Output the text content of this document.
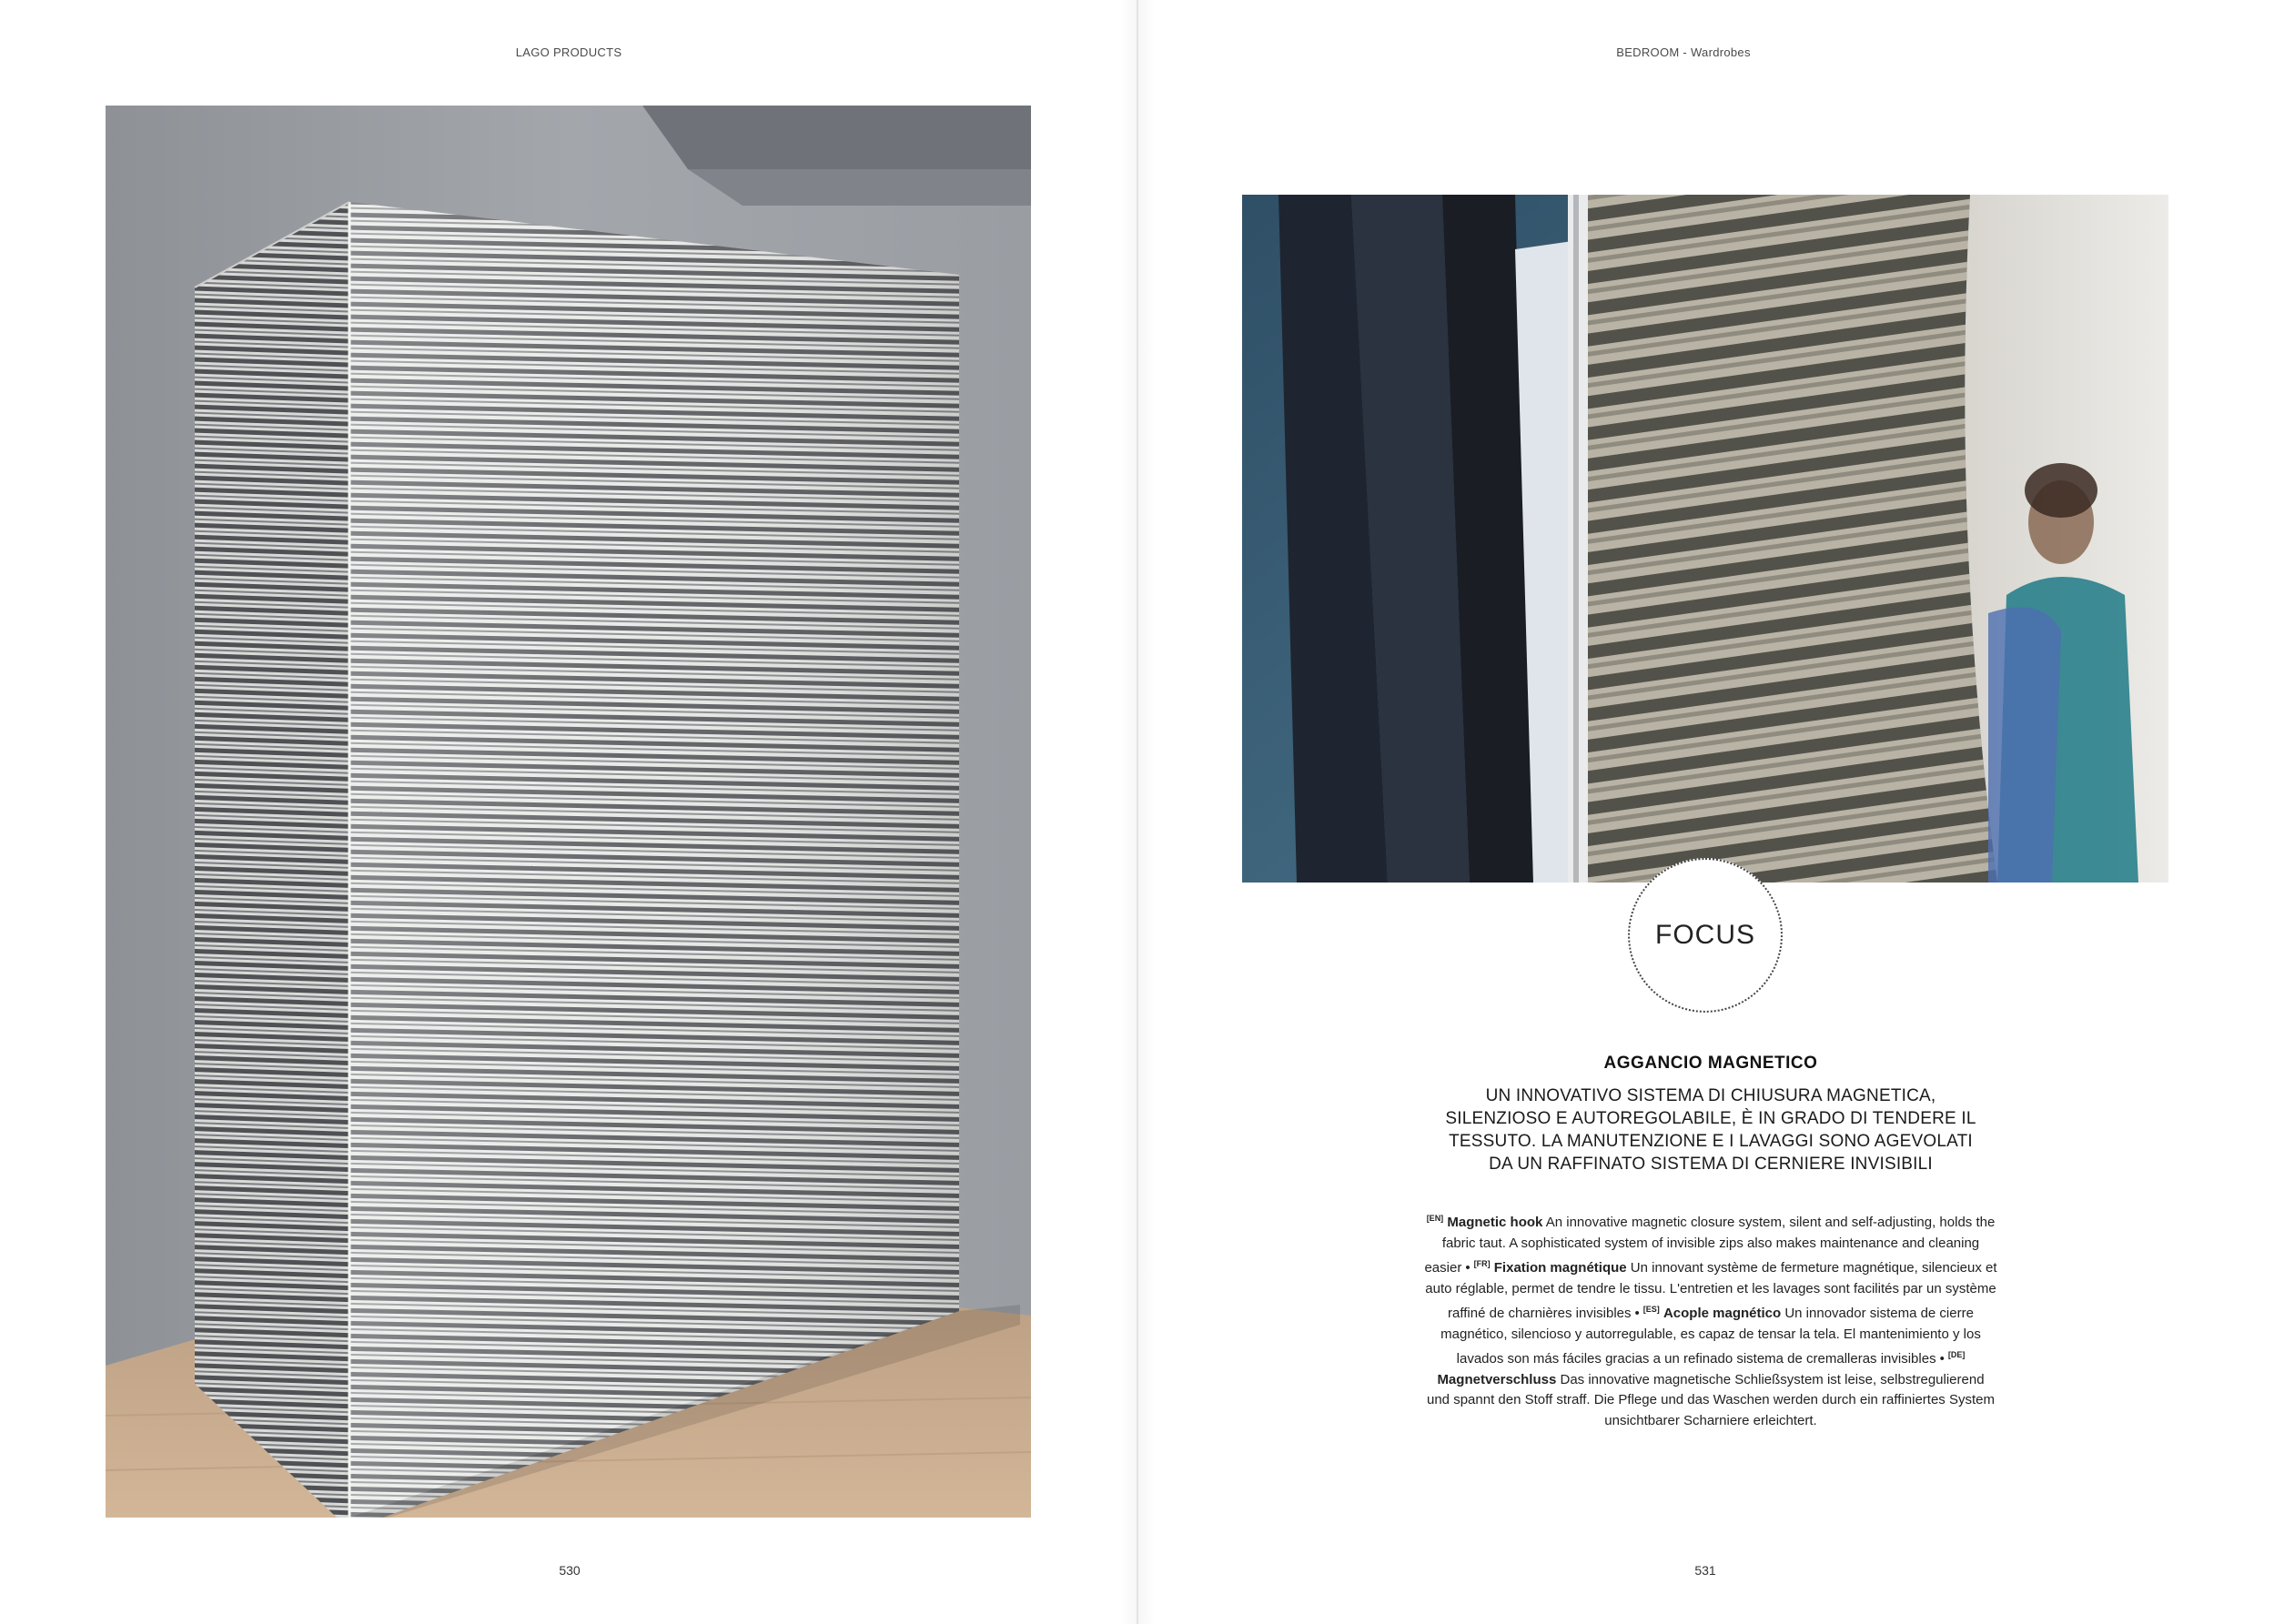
LAGO PRODUCTS
530
BEDROOM - Wardrobes
FOCUS
AGGANCIO MAGNETICO
UN INNOVATIVO SISTEMA DI CHIUSURA MAGNETICA, SILENZIOSO E AUTOREGOLABILE, È IN GRADO DI TENDERE IL TESSUTO. LA MANUTENZIONE E I LAVAGGI SONO AGEVOLATI DA UN RAFFINATO SISTEMA DI CERNIERE INVISIBILI
[EN] Magnetic hook An innovative magnetic closure system, silent and self-adjusting, holds the fabric taut. A sophisticated system of invisible zips also makes maintenance and cleaning easier • [FR] Fixation magnétique Un innovant système de fermeture magnétique, silencieux et auto réglable, permet de tendre le tissu. L'entretien et les lavages sont facilités par un système raffiné de charnières invisibles • [ES] Acople magnético Un innovador sistema de cierre magnético, silencioso y autorregulable, es capaz de tensar la tela. El mantenimiento y los lavados son más fáciles gracias a un refinado sistema de cremalleras invisibles • [DE] Magnetverschluss Das innovative magnetische Schließsystem ist leise, selbstregulierend und spannt den Stoff straff. Die Pflege und das Waschen werden durch ein raffiniertes System unsichtbarer Scharniere erleichtert.
531
